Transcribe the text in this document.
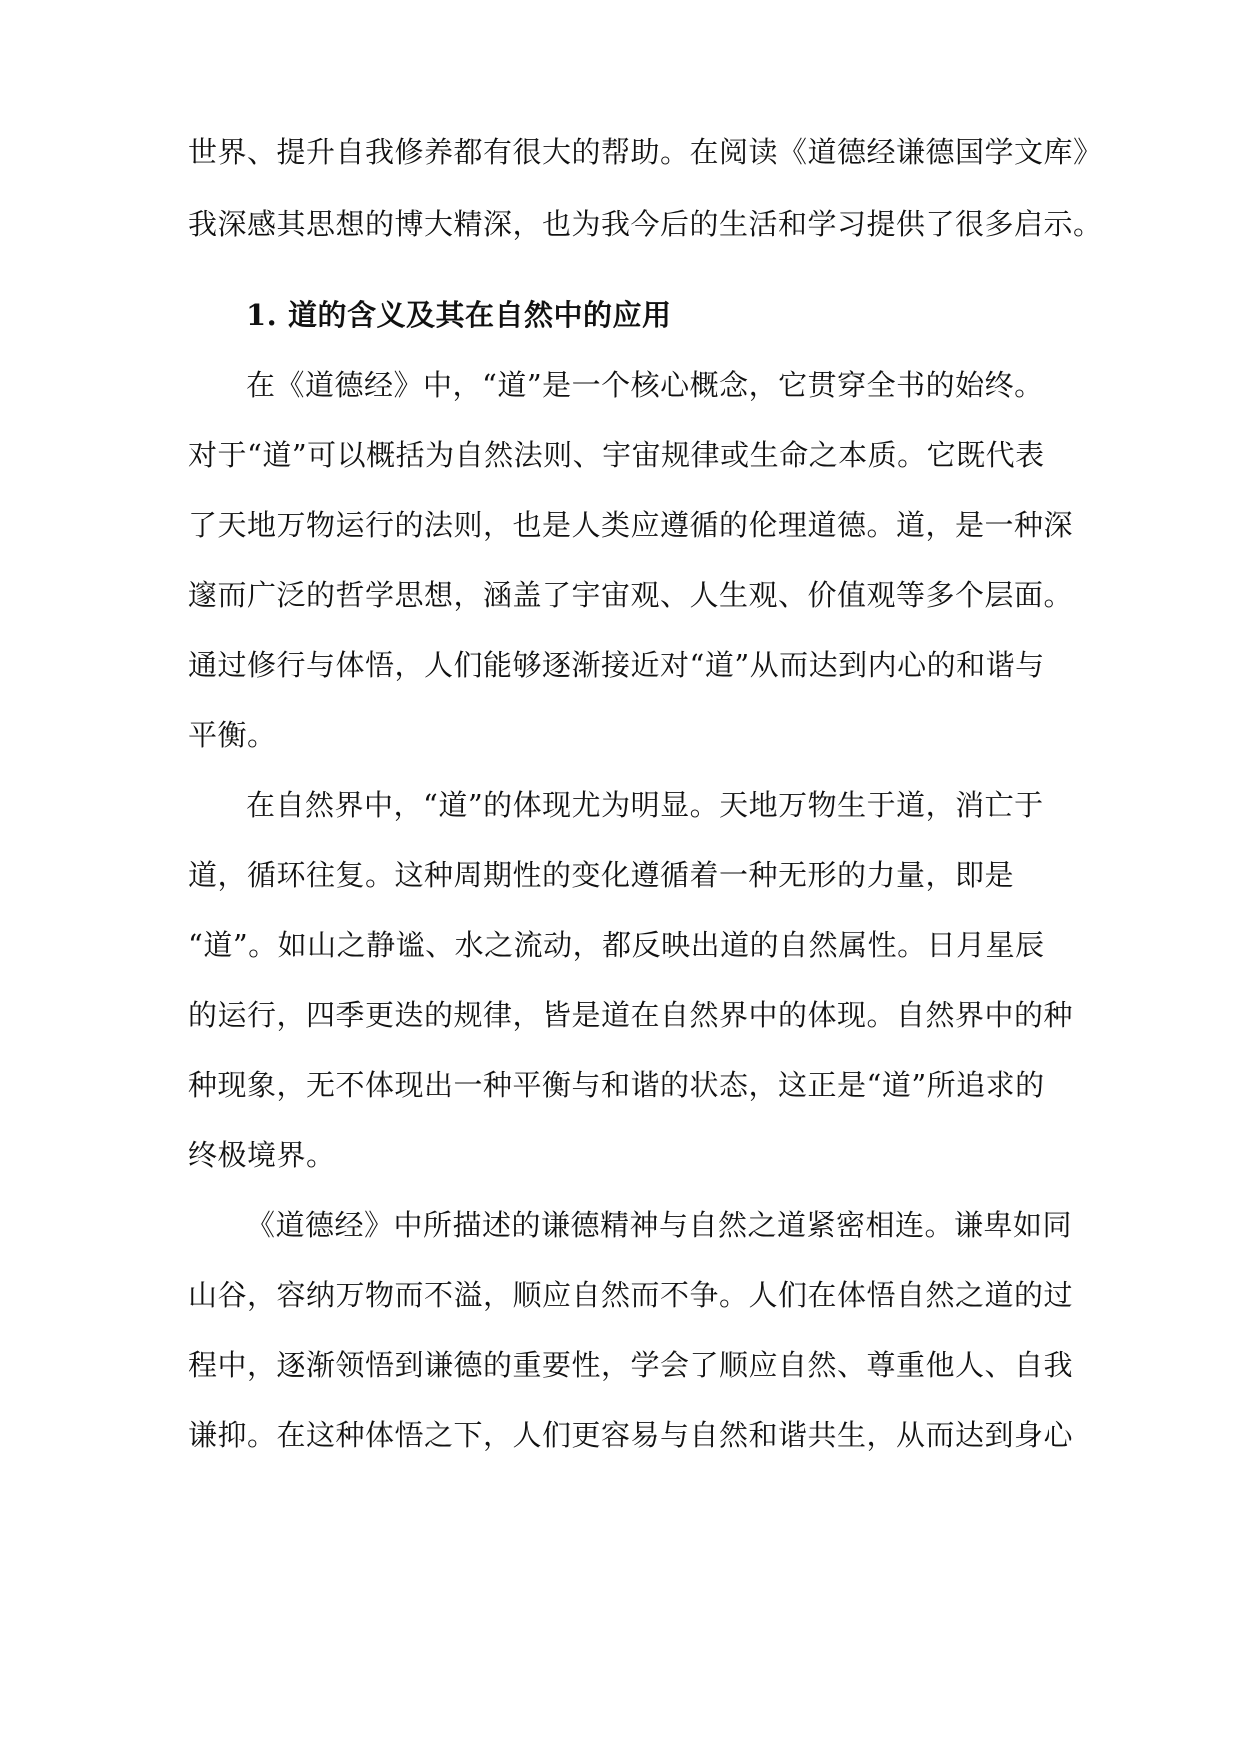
世界、提升自我修养都有很大的帮助。在阅读《道德经谦德国学文库》
我深感其思想的博大精深，也为我今后的生活和学习提供了很多启示。
1. 道的含义及其在自然中的应用
在《道德经》中，“道”是一个核心概念，它贯穿全书的始终。
对于“道”可以概括为自然法则、宇宙规律或生命之本质。它既代表
了天地万物运行的法则，也是人类应遵循的伦理道德。道，是一种深
邃而广泛的哲学思想，涵盖了宇宙观、人生观、价值观等多个层面。
通过修行与体悟，人们能够逐渐接近对“道”从而达到内心的和谐与
平衡。
在自然界中，“道”的体现尤为明显。天地万物生于道，消亡于
道，循环往复。这种周期性的变化遵循着一种无形的力量，即是
“道”。如山之静谧、水之流动，都反映出道的自然属性。日月星辰
的运行，四季更迭的规律，皆是道在自然界中的体现。自然界中的种
种现象，无不体现出一种平衡与和谐的状态，这正是“道”所追求的
终极境界。
《道德经》中所描述的谦德精神与自然之道紧密相连。谦卑如同
山谷，容纳万物而不溢，顺应自然而不争。人们在体悟自然之道的过
程中，逐渐领悟到谦德的重要性，学会了顺应自然、尊重他人、自我
谦抑。在这种体悟之下，人们更容易与自然和谐共生，从而达到身心
